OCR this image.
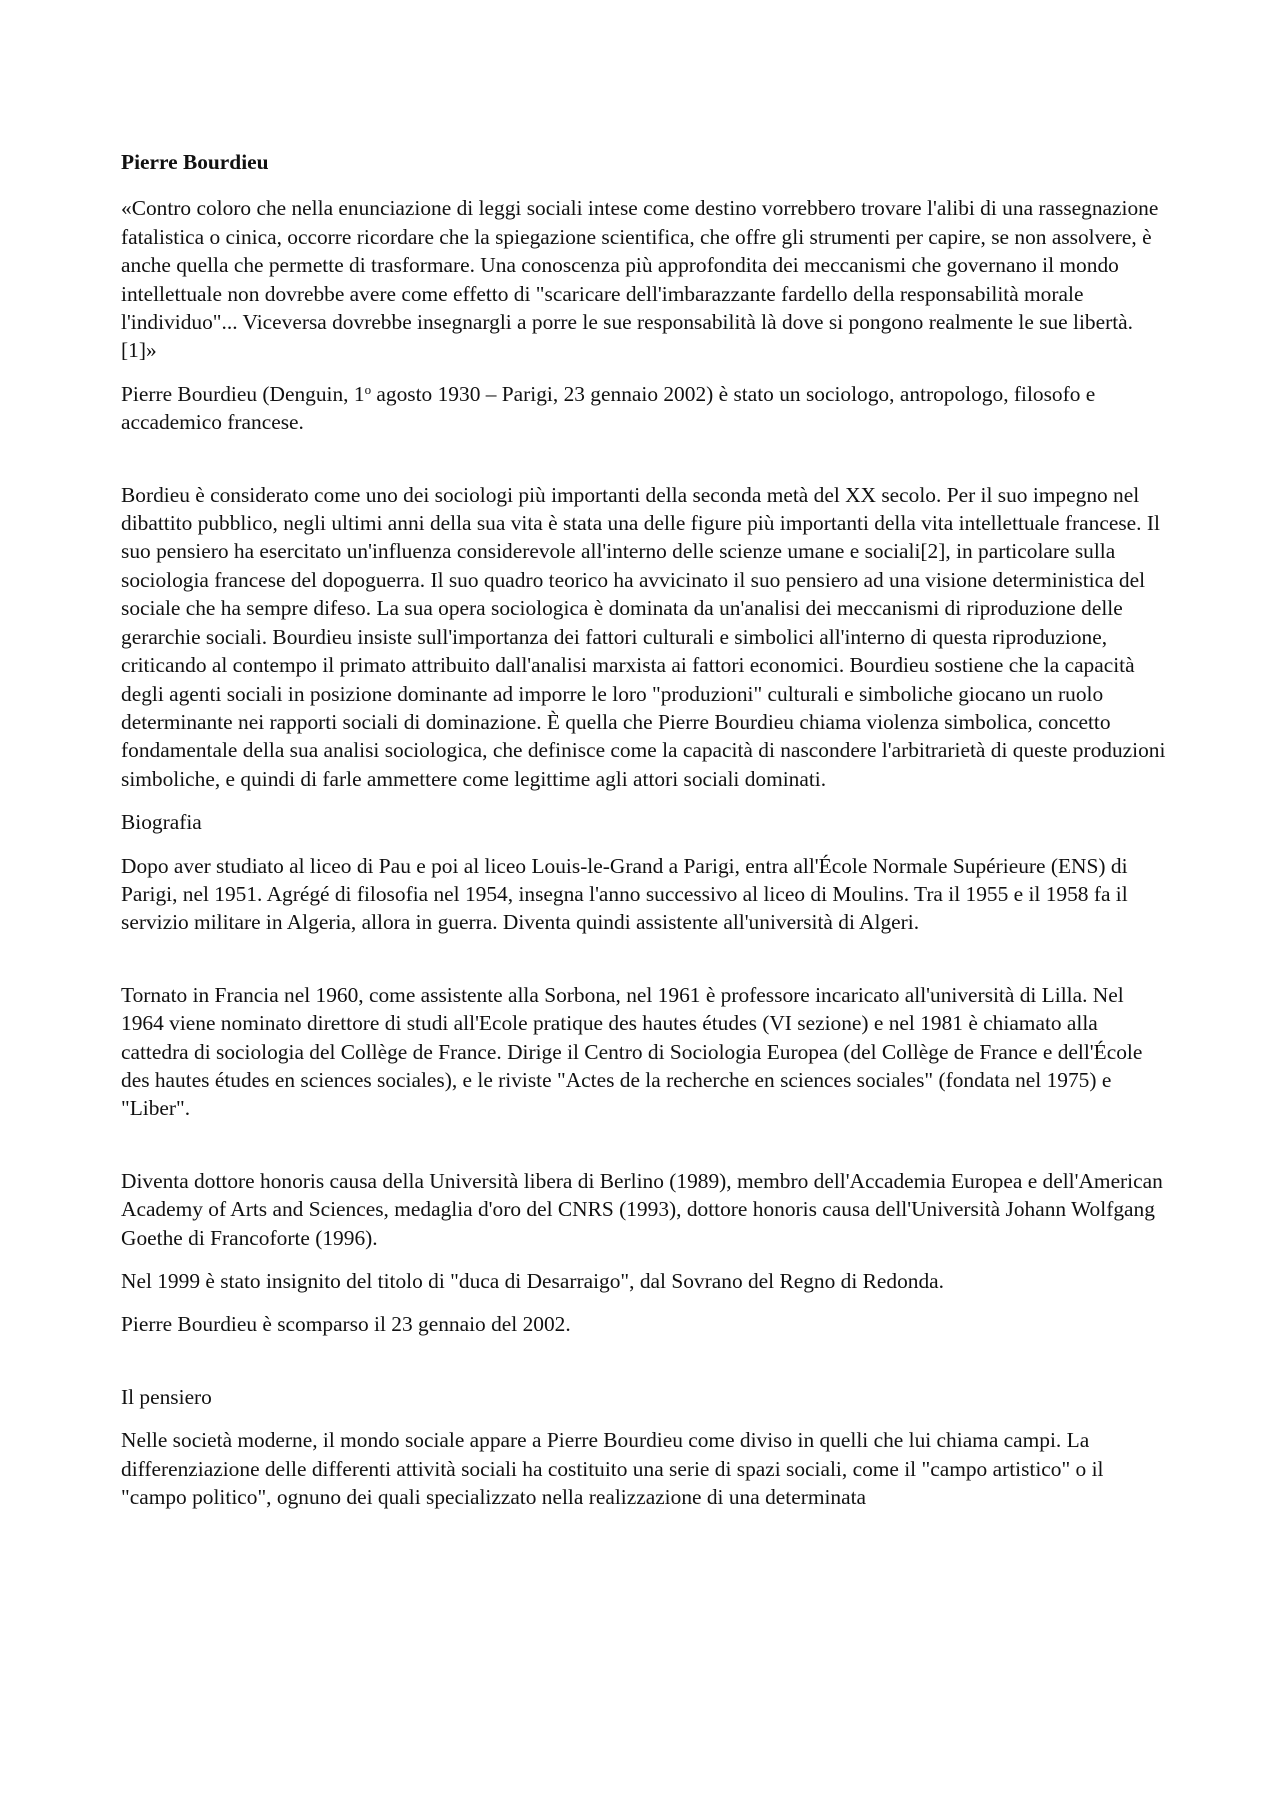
Pierre Bourdieu

«Contro coloro che nella enunciazione di leggi sociali intese come destino vorrebbero trovare l'alibi di una rassegnazione fatalistica o cinica, occorre ricordare che la spiegazione scientifica, che offre gli strumenti per capire, se non assolvere, è anche quella che permette di trasformare. Una conoscenza più approfondita dei meccanismi che governano il mondo intellettuale non dovrebbe avere come effetto di "scaricare dell'imbarazzante fardello della responsabilità morale l'individuo"... Viceversa dovrebbe insegnargli a porre le sue responsabilità là dove si pongono realmente le sue libertà.[1]»

Pierre Bourdieu (Denguin, 1$^o$ agosto 1930 – Parigi, 23 gennaio 2002) è stato un sociologo, antropologo, filosofo e accademico francese.

Bordieu è considerato come uno dei sociologi più importanti della seconda metà del XX secolo. Per il suo impegno nel dibattito pubblico, negli ultimi anni della sua vita è stata una delle figure più importanti della vita intellettuale francese. Il suo pensiero ha esercitato un'influenza considerevole all'interno delle scienze umane e sociali[2], in particolare sulla sociologia francese del dopoguerra. Il suo quadro teorico ha avvicinato il suo pensiero ad una visione deterministica del sociale che ha sempre difeso. La sua opera sociologica è dominata da un'analisi dei meccanismi di riproduzione delle gerarchie sociali. Bourdieu insiste sull'importanza dei fattori culturali e simbolici all'interno di questa riproduzione, criticando al contempo il primato attribuito dall'analisi marxista ai fattori economici. Bourdieu sostiene che la capacità degli agenti sociali in posizione dominante ad imporre le loro "produzioni" culturali e simboliche giocano un ruolo determinante nei rapporti sociali di dominazione. È quella che Pierre Bourdieu chiama violenza simbolica, concetto fondamentale della sua analisi sociologica, che definisce come la capacità di nascondere l'arbitrarietà di queste produzioni simboliche, e quindi di farle ammettere come legittime agli attori sociali dominati.

Biografia

Dopo aver studiato al liceo di Pau e poi al liceo Louis-le-Grand a Parigi, entra all'École Normale Supérieure (ENS) di Parigi, nel 1951. Agrégé di filosofia nel 1954, insegna l'anno successivo al liceo di Moulins. Tra il 1955 e il 1958 fa il servizio militare in Algeria, allora in guerra. Diventa quindi assistente all'università di Algeri.

Tornato in Francia nel 1960, come assistente alla Sorbona, nel 1961 è professore incaricato all'università di Lilla. Nel 1964 viene nominato direttore di studi all'Ecole pratique des hautes études (VI sezione) e nel 1981 è chiamato alla cattedra di sociologia del Collège de France. Dirige il Centro di Sociologia Europea (del Collège de France e dell'École des hautes études en sciences sociales), e le riviste "Actes de la recherche en sciences sociales" (fondata nel 1975) e "Liber".

Diventa dottore honoris causa della Università libera di Berlino (1989), membro dell'Accademia Europea e dell'American Academy of Arts and Sciences, medaglia d'oro del CNRS (1993), dottore honoris causa dell'Università Johann Wolfgang Goethe di Francoforte (1996).

Nel 1999 è stato insignito del titolo di "duca di Desarraigo", dal Sovrano del Regno di Redonda.

Pierre Bourdieu è scomparso il 23 gennaio del 2002.

Il pensiero

Nelle società moderne, il mondo sociale appare a Pierre Bourdieu come diviso in quelli che lui chiama campi. La differenziazione delle differenti attività sociali ha costituito una serie di spazi sociali, come il "campo artistico" o il "campo politico", ognuno dei quali specializzato nella realizzazione di una determinata
